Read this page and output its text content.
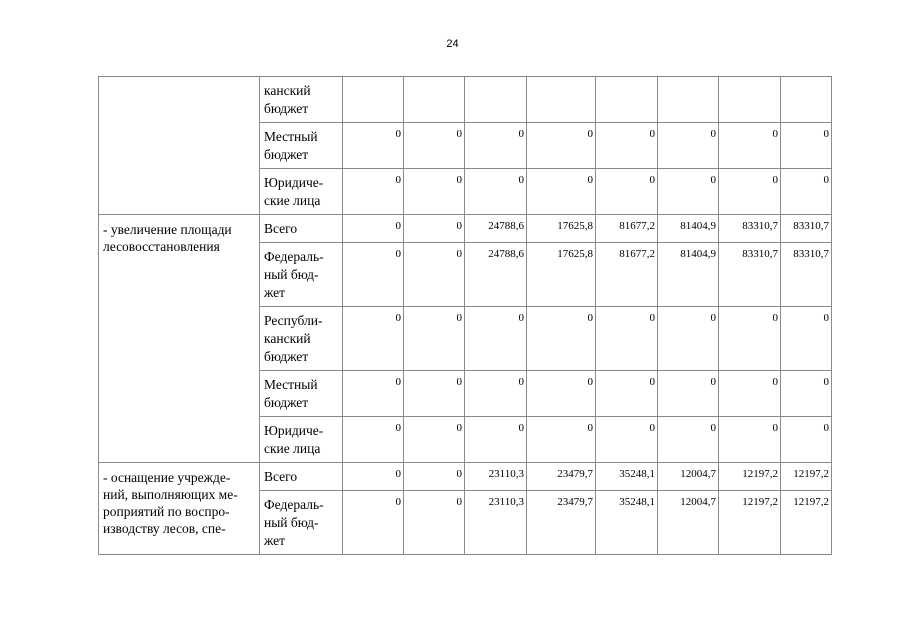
24

	канский
бюджет								

	Местный
бюджет	0	0	0	0	0	0	0	0

	Юридиче-
ские лица	0	0	0	0	0	0	0	0

- увеличение площади
лесовосстановления	Всего	0	0	24788,6	17625,8	81677,2	81404,9	83310,7	83310,7

	Федераль-
ный бюд-
жет	0	0	24788,6	17625,8	81677,2	81404,9	83310,7	83310,7

	Республи-
канский
бюджет	0	0	0	0	0	0	0	0

	Местный
бюджет	0	0	0	0	0	0	0	0

	Юридиче-
ские лица	0	0	0	0	0	0	0	0

- оснащение учрежде-
ний, выполняющих ме-
роприятий по воспро-
изводству лесов, спе-	Всего	0	0	23110,3	23479,7	35248,1	12004,7	12197,2	12197,2

	Федераль-
ный бюд-
жет	0	0	23110,3	23479,7	35248,1	12004,7	12197,2	12197,2
